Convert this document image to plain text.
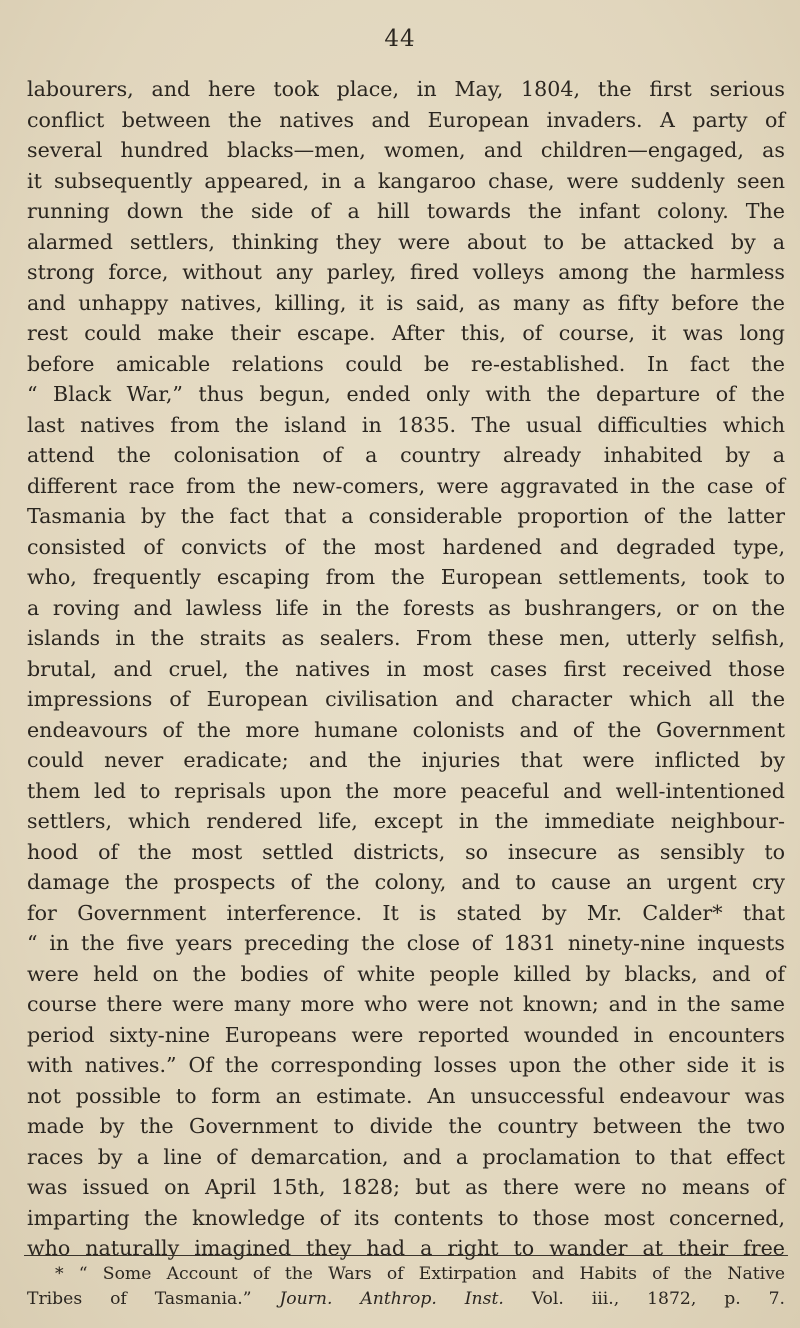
44
labourers, and here took place, in May, 1804, the first serious
conflict between the natives and European invaders. A party of
several hundred blacks—men, women, and children—engaged, as
it subsequently appeared, in a kangaroo chase, were suddenly seen
running down the side of a hill towards the infant colony. The
alarmed settlers, thinking they were about to be attacked by a
strong force, without any parley, fired volleys among the harmless
and unhappy natives, killing, it is said, as many as fifty before the
rest could make their escape. After this, of course, it was long
before amicable relations could be re-established. In fact the
“ Black War,” thus begun, ended only with the departure of the
last natives from the island in 1835. The usual difficulties which
attend the colonisation of a country already inhabited by a
different race from the new-comers, were aggravated in the case of
Tasmania by the fact that a considerable proportion of the latter
consisted of convicts of the most hardened and degraded type,
who, frequently escaping from the European settlements, took to
a roving and lawless life in the forests as bushrangers, or on the
islands in the straits as sealers. From these men, utterly selfish,
brutal, and cruel, the natives in most cases first received those
impressions of European civilisation and character which all the
endeavours of the more humane colonists and of the Government
could never eradicate; and the injuries that were inflicted by
them led to reprisals upon the more peaceful and well-intentioned
settlers, which rendered life, except in the immediate neighbour-
hood of the most settled districts, so insecure as sensibly to
damage the prospects of the colony, and to cause an urgent cry
for Government interference. It is stated by Mr. Calder* that
“ in the five years preceding the close of 1831 ninety-nine inquests
were held on the bodies of white people killed by blacks, and of
course there were many more who were not known; and in the same
period sixty-nine Europeans were reported wounded in encounters
with natives.” Of the corresponding losses upon the other side it is
not possible to form an estimate. An unsuccessful endeavour was
made by the Government to divide the country between the two
races by a line of demarcation, and a proclamation to that effect
was issued on April 15th, 1828; but as there were no means of
imparting the knowledge of its contents to those most concerned,
who naturally imagined they had a right to wander at their free
* “ Some Account of the Wars of Extirpation and Habits of the Native
Tribes of Tasmania.” Journ. Anthrop. Inst. Vol. iii., 1872, p. 7.
